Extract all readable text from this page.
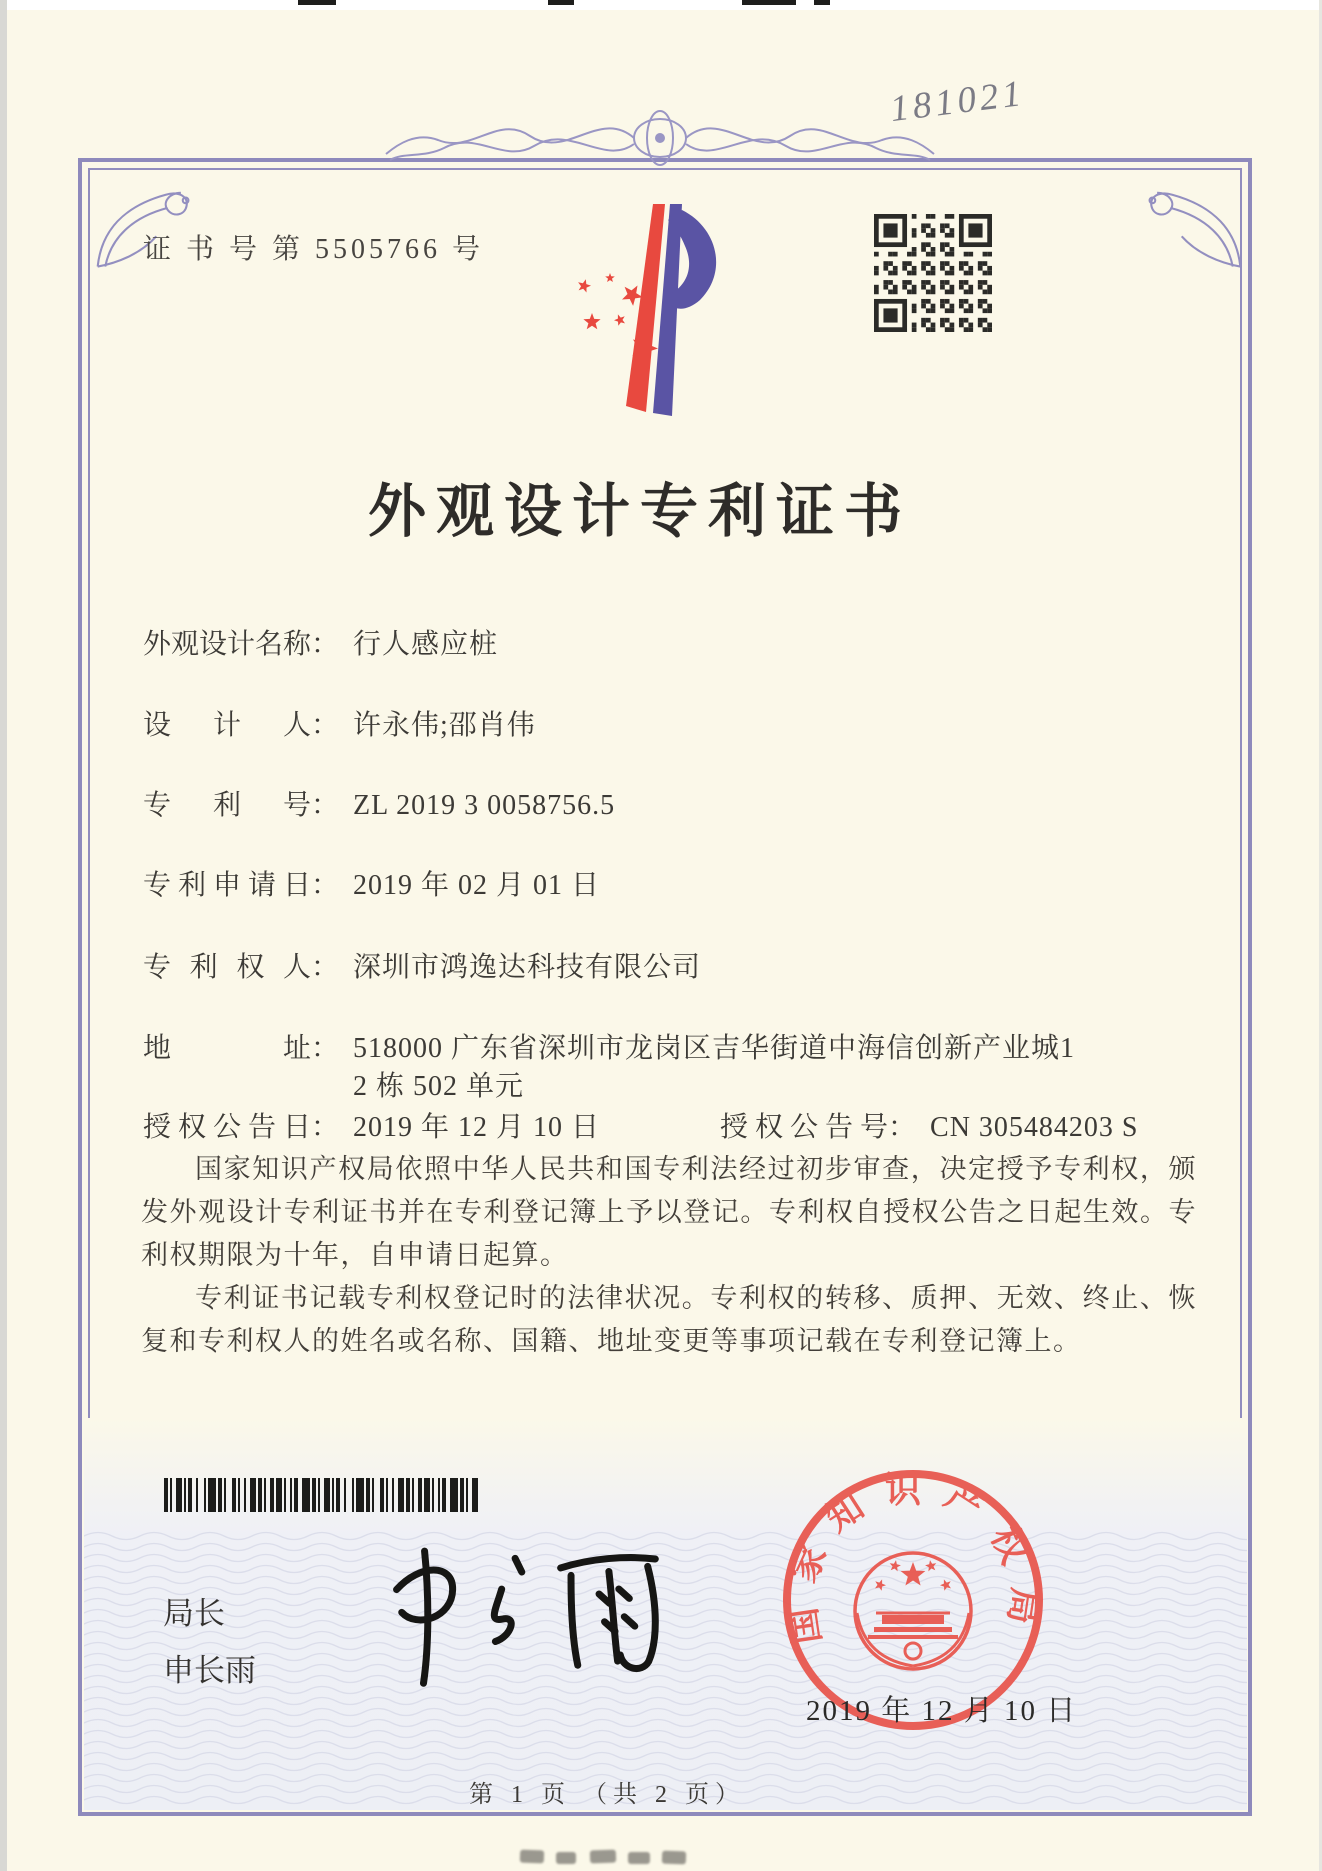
181021
证 书 号 第 5505766 号
外观设计专利证书
外观设计名称： 行人感应桩
设计人： 许永伟;邵肖伟
专利号： ZL 2019 3 0058756.5
专利申请日： 2019 年 02 月 01 日
专利权人： 深圳市鸿逸达科技有限公司
地址： 518000 广东省深圳市龙岗区吉华街道中海信创新产业城1
2 栋 502 单元
授权公告日： 2019 年 12 月 10 日	授权公告号： CN 305484203 S
国家知识产权局依照中华人民共和国专利法经过初步审查，决定授予专利权，颁发外观设计专利证书并在专利登记簿上予以登记。专利权自授权公告之日起生效。专利权期限为十年，自申请日起算。
专利证书记载专利权登记时的法律状况。专利权的转移、质押、无效、终止、恢复和专利权人的姓名或名称、国籍、地址变更等事项记载在专利登记簿上。
局长
申长雨
国家知识产权局
2019 年 12 月 10 日
第 1 页 （共 2 页）
